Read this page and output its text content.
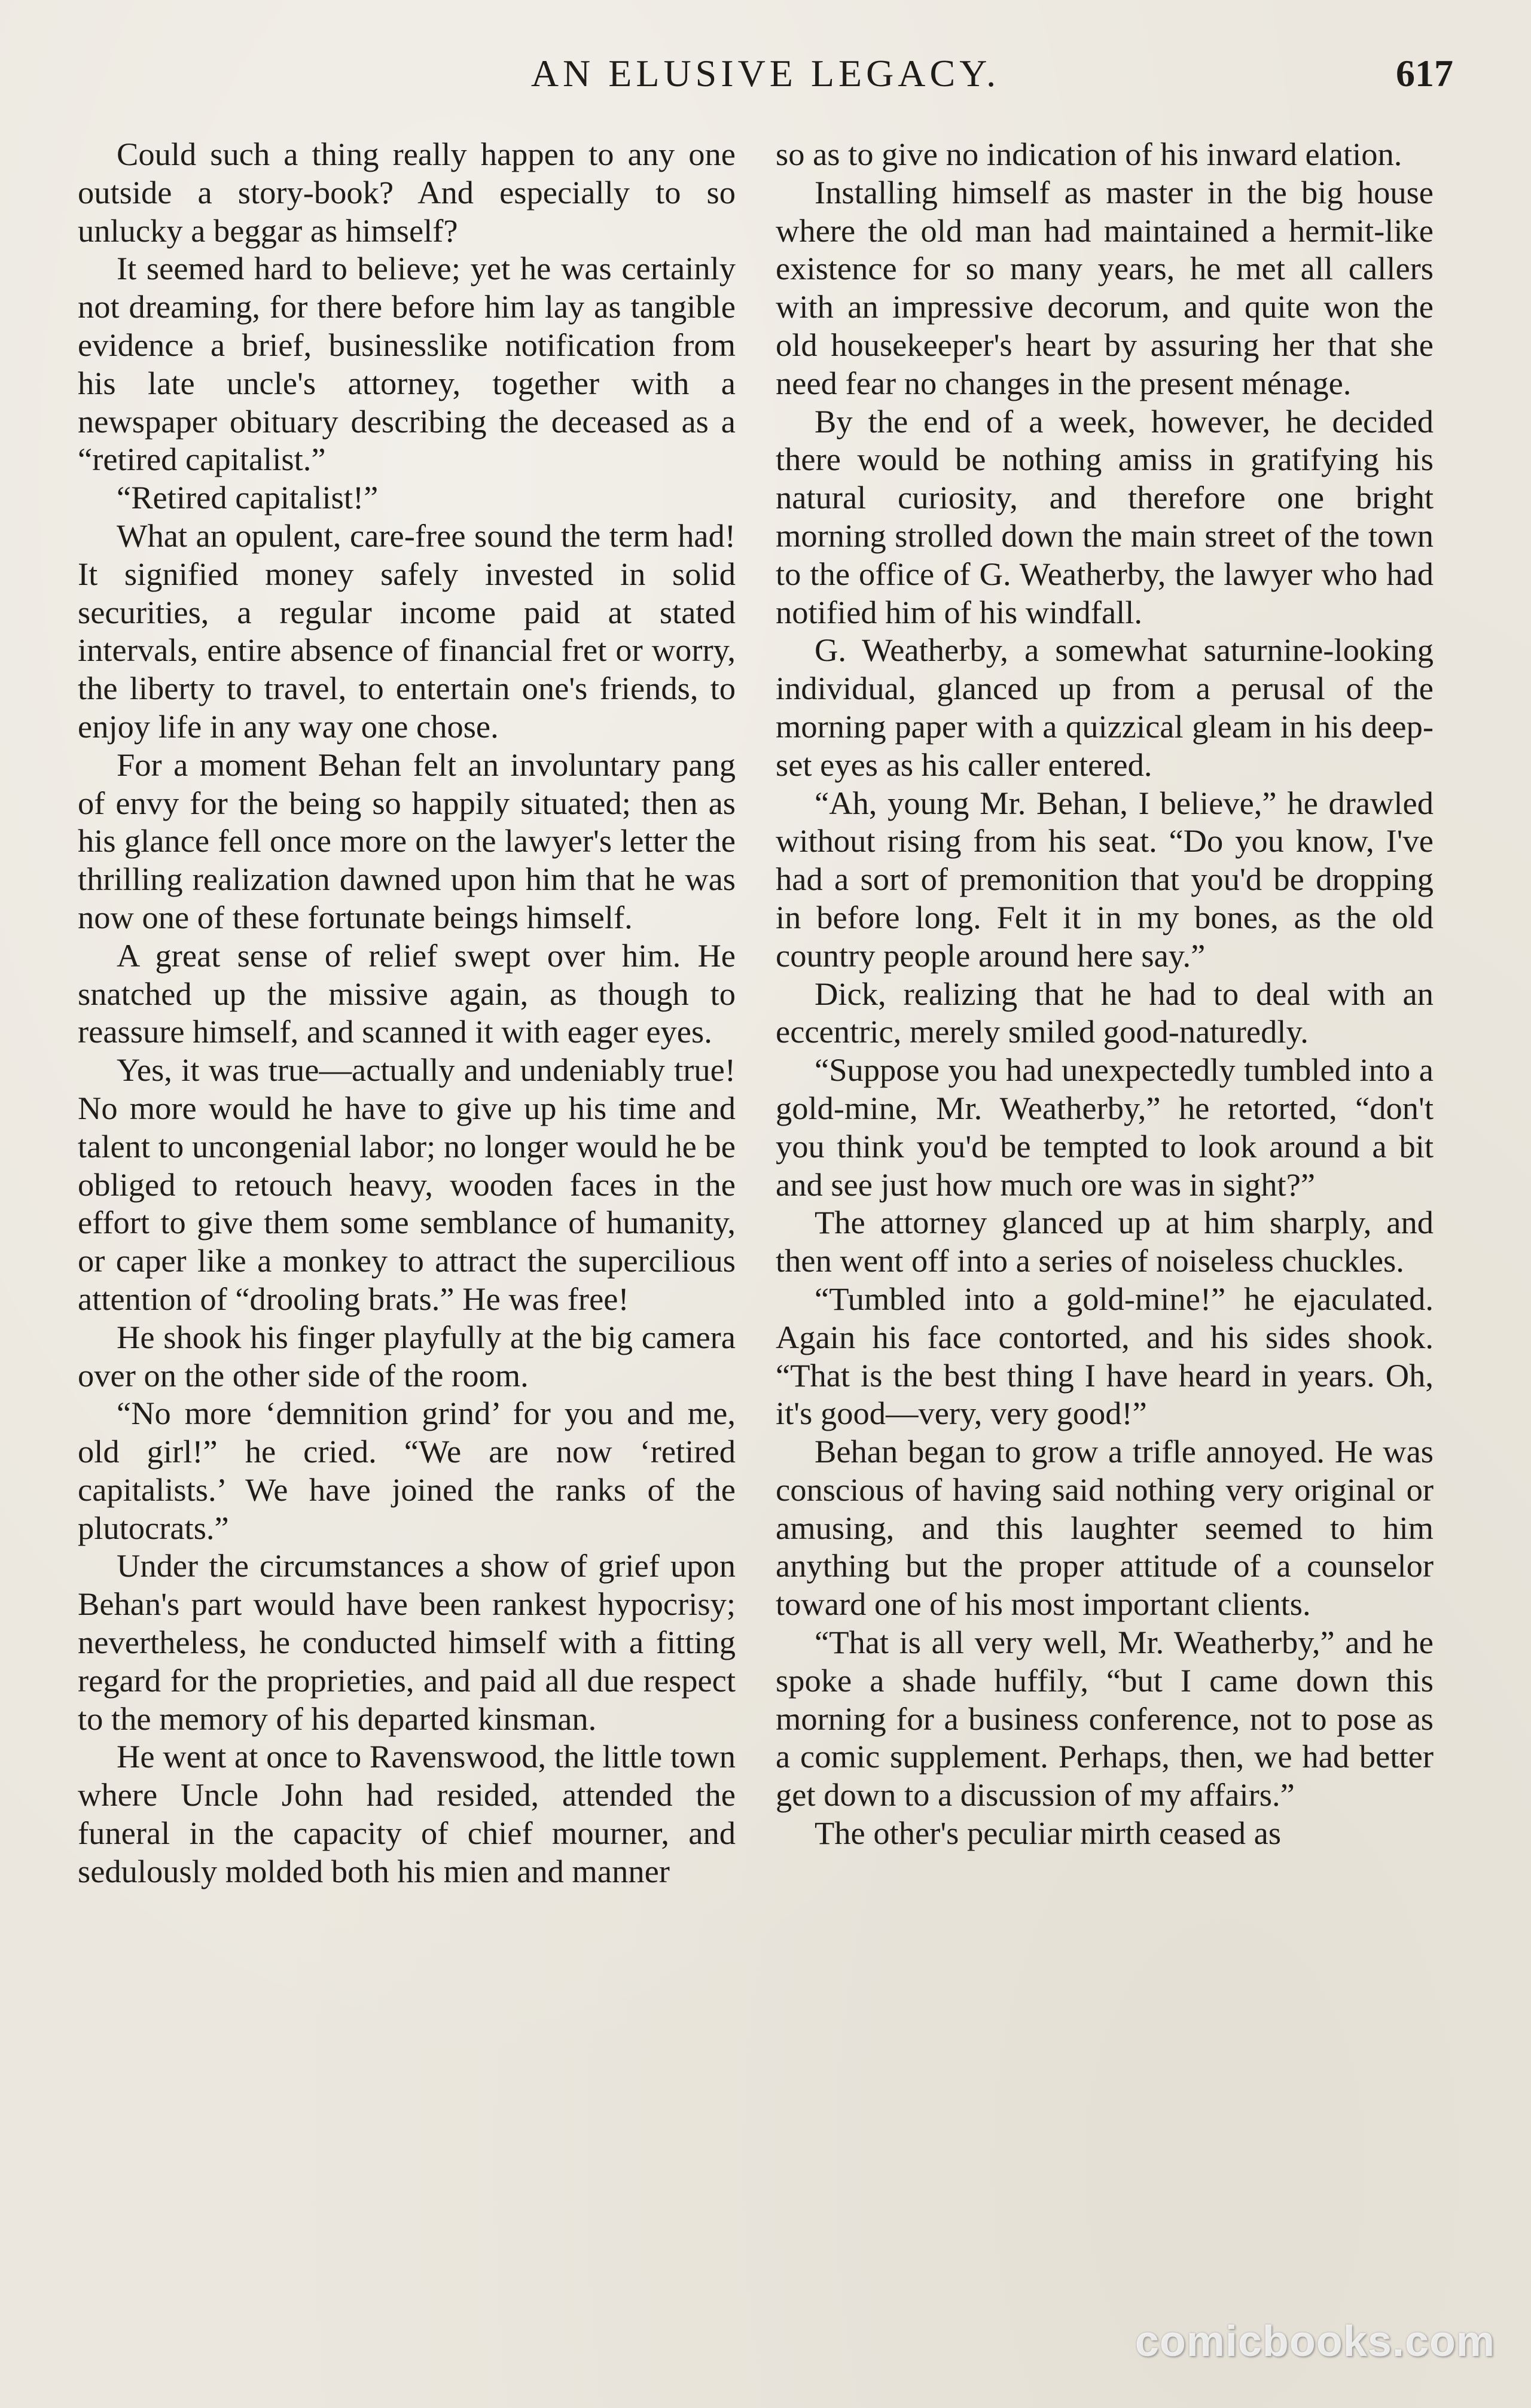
AN ELUSIVE LEGACY.	617

Could such a thing really happen to any one outside a story-book? And especially to so unlucky a beggar as himself?

It seemed hard to believe; yet he was certainly not dreaming, for there before him lay as tangible evidence a brief, businesslike notification from his late uncle's attorney, together with a newspaper obituary describing the deceased as a “retired capitalist.”

“Retired capitalist!”

What an opulent, care-free sound the term had! It signified money safely invested in solid securities, a regular income paid at stated intervals, entire absence of financial fret or worry, the liberty to travel, to entertain one's friends, to enjoy life in any way one chose.

For a moment Behan felt an involuntary pang of envy for the being so happily situated; then as his glance fell once more on the lawyer's letter the thrilling realization dawned upon him that he was now one of these fortunate beings himself.

A great sense of relief swept over him. He snatched up the missive again, as though to reassure himself, and scanned it with eager eyes.

Yes, it was true—actually and undeniably true! No more would he have to give up his time and talent to uncongenial labor; no longer would he be obliged to retouch heavy, wooden faces in the effort to give them some semblance of humanity, or caper like a monkey to attract the supercilious attention of “drooling brats.” He was free!

He shook his finger playfully at the big camera over on the other side of the room.

“No more ‘demnition grind’ for you and me, old girl!” he cried. “We are now ‘retired capitalists.’ We have joined the ranks of the plutocrats.”

Under the circumstances a show of grief upon Behan's part would have been rankest hypocrisy; nevertheless, he conducted himself with a fitting regard for the proprieties, and paid all due respect to the memory of his departed kinsman.

He went at once to Ravenswood, the little town where Uncle John had resided, attended the funeral in the capacity of chief mourner, and sedulously molded both his mien and manner

so as to give no indication of his inward elation.

Installing himself as master in the big house where the old man had maintained a hermit-like existence for so many years, he met all callers with an impressive decorum, and quite won the old housekeeper's heart by assuring her that she need fear no changes in the present ménage.

By the end of a week, however, he decided there would be nothing amiss in gratifying his natural curiosity, and therefore one bright morning strolled down the main street of the town to the office of G. Weatherby, the lawyer who had notified him of his windfall.

G. Weatherby, a somewhat saturnine-looking individual, glanced up from a perusal of the morning paper with a quizzical gleam in his deep-set eyes as his caller entered.

“Ah, young Mr. Behan, I believe,” he drawled without rising from his seat. “Do you know, I've had a sort of premonition that you'd be dropping in before long. Felt it in my bones, as the old country people around here say.”

Dick, realizing that he had to deal with an eccentric, merely smiled good-naturedly.

“Suppose you had unexpectedly tumbled into a gold-mine, Mr. Weatherby,” he retorted, “don't you think you'd be tempted to look around a bit and see just how much ore was in sight?”

The attorney glanced up at him sharply, and then went off into a series of noiseless chuckles.

“Tumbled into a gold-mine!” he ejaculated. Again his face contorted, and his sides shook. “That is the best thing I have heard in years. Oh, it's good—very, very good!”

Behan began to grow a trifle annoyed. He was conscious of having said nothing very original or amusing, and this laughter seemed to him anything but the proper attitude of a counselor toward one of his most important clients.

“That is all very well, Mr. Weatherby,” and he spoke a shade huffily, “but I came down this morning for a business conference, not to pose as a comic supplement. Perhaps, then, we had better get down to a discussion of my affairs.”

The other's peculiar mirth ceased as

comicbooks.com
